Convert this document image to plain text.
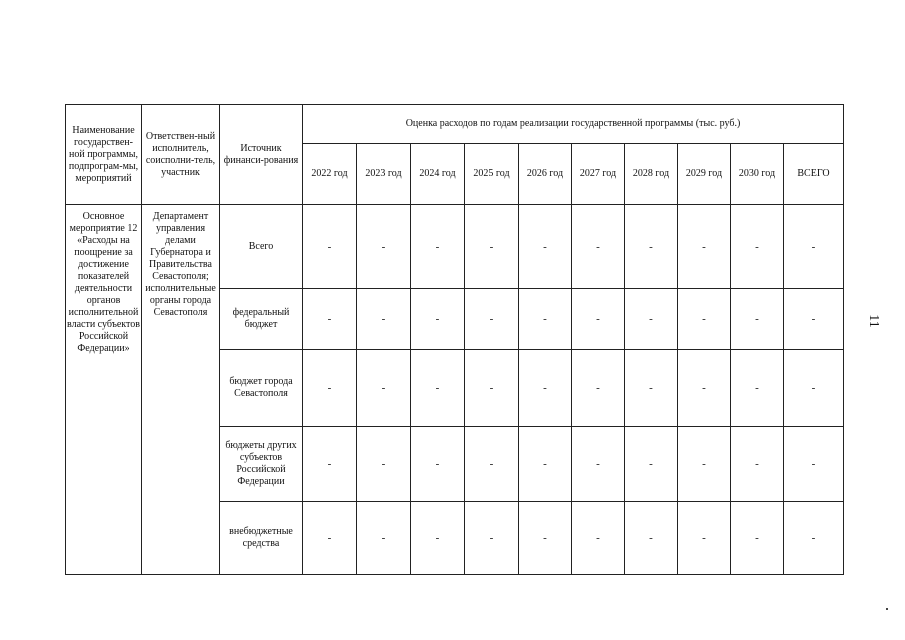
Наименование государствен-ной программы, подпрограм-мы, мероприятий	Ответствен-ный исполнитель, соисполни-тель, участник	Источник финанси-рования	Оценка расходов по годам реализации государственной программы (тыс. руб.)									
			2022 год	2023 год	2024 год	2025 год	2026 год	2027 год	2028 год	2029 год	2030 год	ВСЕГО
Основное мероприятие 12 «Расходы на поощрение за достижение показателей деятельности органов исполнительной власти субъектов Российской Федерации»	Департамент управления делами Губернатора и Правительства Севастополя; исполнительные органы города Севастополя	Всего	-	-	-	-	-	-	-	-	-	-
		федеральный бюджет	-	-	-	-	-	-	-	-	-	-
		бюджет города Севастополя	-	-	-	-	-	-	-	-	-	-
		бюджеты других субъектов Российской Федерации	-	-	-	-	-	-	-	-	-	-
		внебюджетные средства	-	-	-	-	-	-	-	-	-	-
11
